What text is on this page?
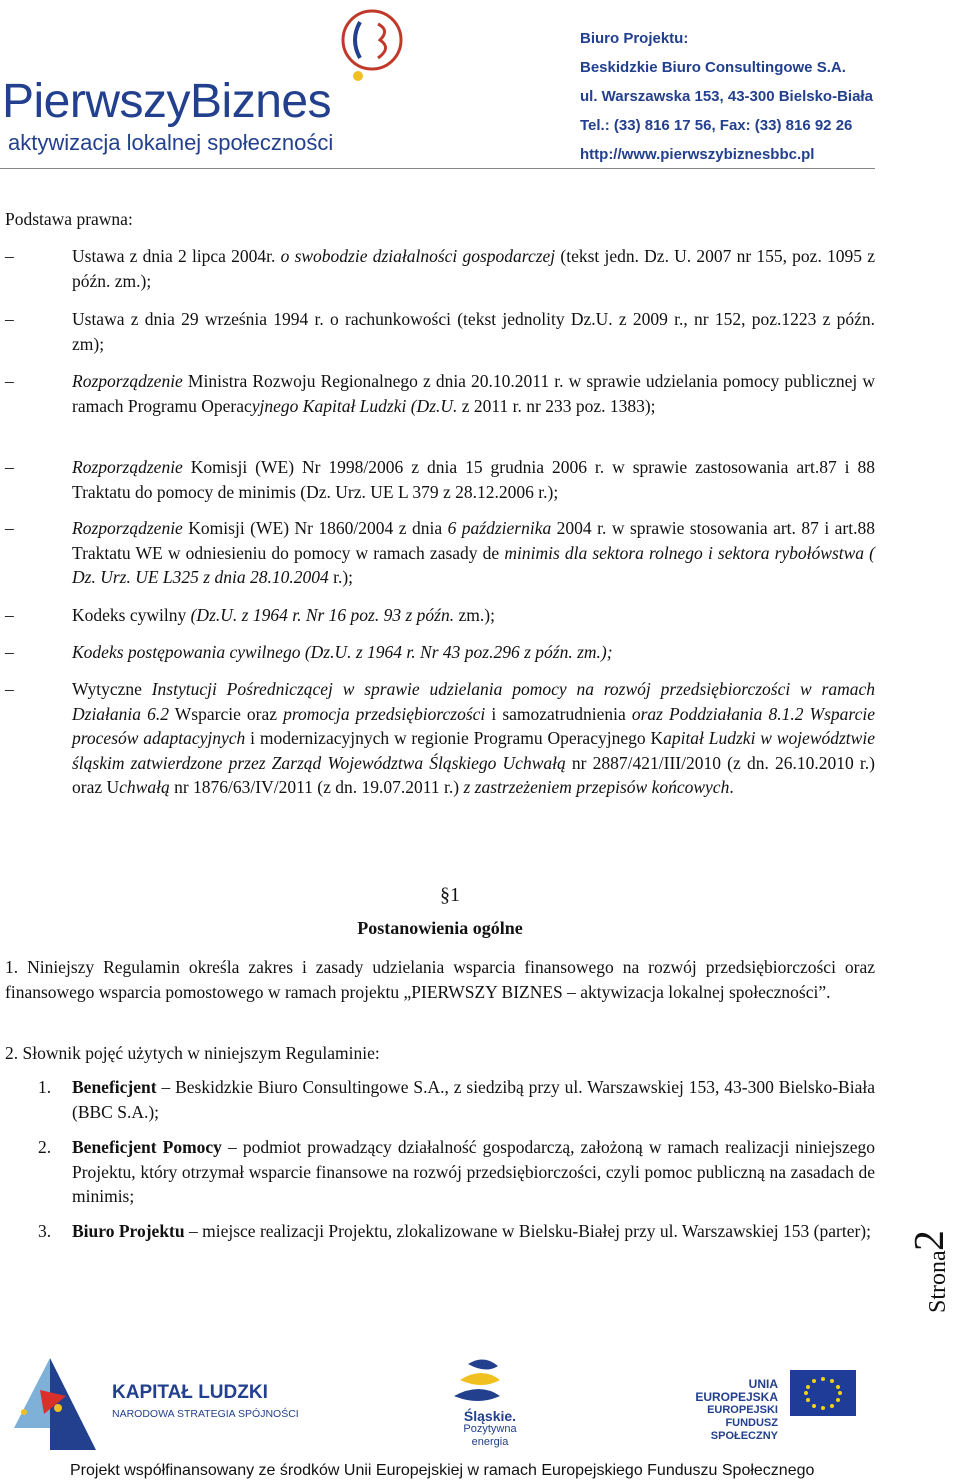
PierwszyBiznes
aktywizacja lokalnej społeczności
Biuro Projektu:
Beskidzkie Biuro Consultingowe S.A.
ul. Warszawska 153, 43-300 Bielsko-Biała
Tel.: (33) 816 17 56, Fax: (33) 816 92 26
http://www.pierwszybiznesbbc.pl
Podstawa prawna:
–	Ustawa z dnia 2 lipca 2004r. o swobodzie działalności gospodarczej (tekst jedn. Dz. U. 2007 nr 155, poz. 1095 z późn. zm.);
–	Ustawa z dnia 29 września 1994 r. o rachunkowości (tekst jednolity Dz.U. z 2009 r., nr 152, poz.1223 z późn. zm);
–	Rozporządzenie Ministra Rozwoju Regionalnego z dnia 20.10.2011 r. w sprawie udzielania pomocy publicznej w ramach Programu Operacyjnego Kapitał Ludzki (Dz.U. z 2011 r. nr 233 poz. 1383);
–	Rozporządzenie Komisji (WE) Nr 1998/2006 z dnia 15 grudnia 2006 r. w sprawie zastosowania art.87 i 88 Traktatu do pomocy de minimis (Dz. Urz. UE L 379 z 28.12.2006 r.);
–	Rozporządzenie Komisji (WE) Nr 1860/2004 z dnia 6 października 2004 r. w sprawie stosowania art. 87 i art.88 Traktatu WE w odniesieniu do pomocy w ramach zasady de minimis dla sektora rolnego i sektora rybołówstwa ( Dz. Urz. UE L325 z dnia 28.10.2004 r.);
–	Kodeks cywilny (Dz.U. z 1964 r. Nr 16 poz. 93 z późn. zm.);
–	Kodeks postępowania cywilnego (Dz.U. z 1964 r. Nr 43 poz.296 z późn. zm.);
–	Wytyczne Instytucji Pośredniczącej w sprawie udzielania pomocy na rozwój przedsiębiorczości w ramach Działania 6.2 Wsparcie oraz promocja przedsiębiorczości i samozatrudnienia oraz Poddziałania 8.1.2 Wsparcie procesów adaptacyjnych i modernizacyjnych w regionie Programu Operacyjnego Kapitał Ludzki w województwie śląskim zatwierdzone przez Zarząd Województwa Śląskiego Uchwałą nr 2887/421/III/2010 (z dn. 26.10.2010 r.) oraz Uchwałą nr 1876/63/IV/2011 (z dn. 19.07.2011 r.) z zastrzeżeniem przepisów końcowych.
§1
Postanowienia ogólne
1. Niniejszy Regulamin określa zakres i zasady udzielania wsparcia finansowego na rozwój przedsiębiorczości oraz finansowego wsparcia pomostowego w ramach projektu „PIERWSZY BIZNES – aktywizacja lokalnej społeczności”.
2. Słownik pojęć użytych w niniejszym Regulaminie:
1. Beneficjent – Beskidzkie Biuro Consultingowe S.A., z siedzibą przy ul. Warszawskiej 153, 43-300 Bielsko-Biała (BBC S.A.);
2. Beneficjent Pomocy – podmiot prowadzący działalność gospodarczą, założoną w ramach realizacji niniejszego Projektu, który otrzymał wsparcie finansowe na rozwój przedsiębiorczości, czyli pomoc publiczną na zasadach de minimis;
3. Biuro Projektu – miejsce realizacji Projektu, zlokalizowane w Bielsku-Białej przy ul. Warszawskiej 153 (parter);
Strona
2
KAPITAŁ LUDZKI
NARODOWA STRATEGIA SPÓJNOŚCI	Śląskie.
Pozytywna energia
UNIA EUROPEJSKA
EUROPEJSKI
FUNDUSZ SPOŁECZNY
Projekt współfinansowany ze środków Unii Europejskiej w ramach Europejskiego Funduszu Społecznego
